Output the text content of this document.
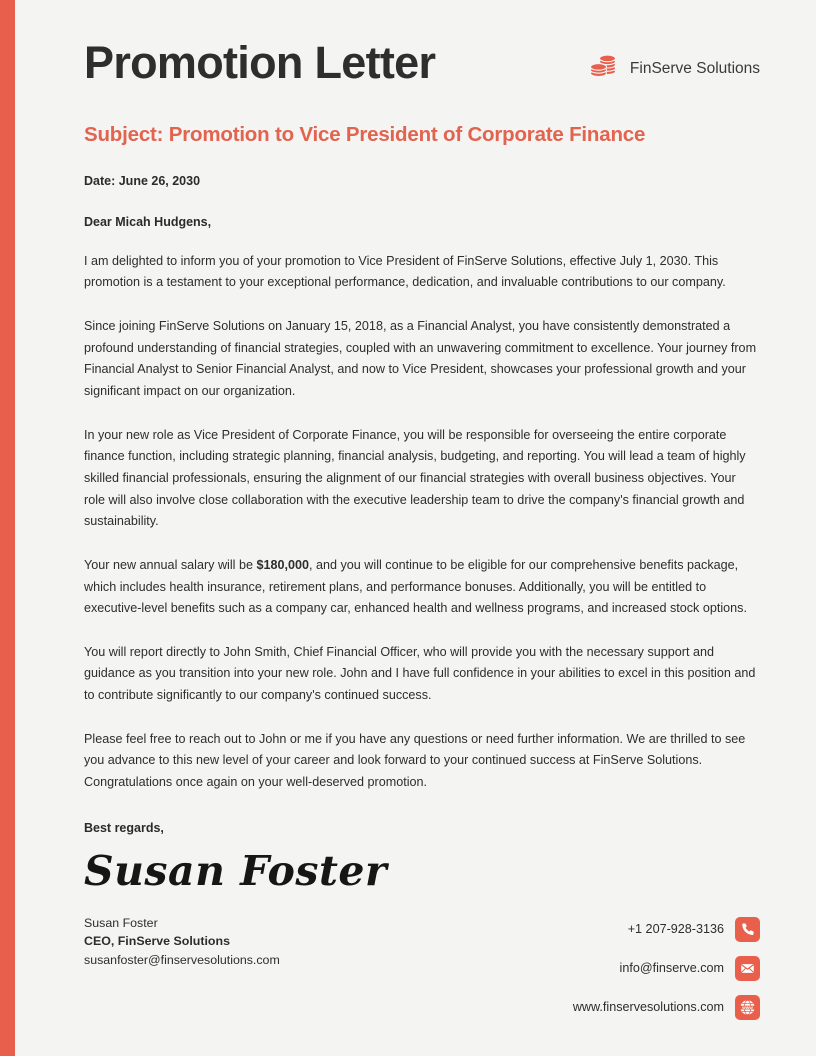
Promotion Letter	FinServe Solutions
Subject: Promotion to Vice President of Corporate Finance
Date: June 26, 2030
Dear Micah Hudgens,
I am delighted to inform you of your promotion to Vice President of FinServe Solutions, effective July 1, 2030. This promotion is a testament to your exceptional performance, dedication, and invaluable contributions to our company.
Since joining FinServe Solutions on January 15, 2018, as a Financial Analyst, you have consistently demonstrated a profound understanding of financial strategies, coupled with an unwavering commitment to excellence. Your journey from Financial Analyst to Senior Financial Analyst, and now to Vice President, showcases your professional growth and your significant impact on our organization.
In your new role as Vice President of Corporate Finance, you will be responsible for overseeing the entire corporate finance function, including strategic planning, financial analysis, budgeting, and reporting. You will lead a team of highly skilled financial professionals, ensuring the alignment of our financial strategies with overall business objectives. Your role will also involve close collaboration with the executive leadership team to drive the company's financial growth and sustainability.
Your new annual salary will be $180,000, and you will continue to be eligible for our comprehensive benefits package, which includes health insurance, retirement plans, and performance bonuses. Additionally, you will be entitled to executive-level benefits such as a company car, enhanced health and wellness programs, and increased stock options.
You will report directly to John Smith, Chief Financial Officer, who will provide you with the necessary support and guidance as you transition into your new role. John and I have full confidence in your abilities to excel in this position and to contribute significantly to our company's continued success.
Please feel free to reach out to John or me if you have any questions or need further information. We are thrilled to see you advance to this new level of your career and look forward to your continued success at FinServe Solutions. Congratulations once again on your well-deserved promotion.
Best regards,
Susan Foster
Susan Foster
CEO, FinServe Solutions
susanfoster@finservesolutions.com
+1 207-928-3136
info@finserve.com
www.finservesolutions.com	WWW
